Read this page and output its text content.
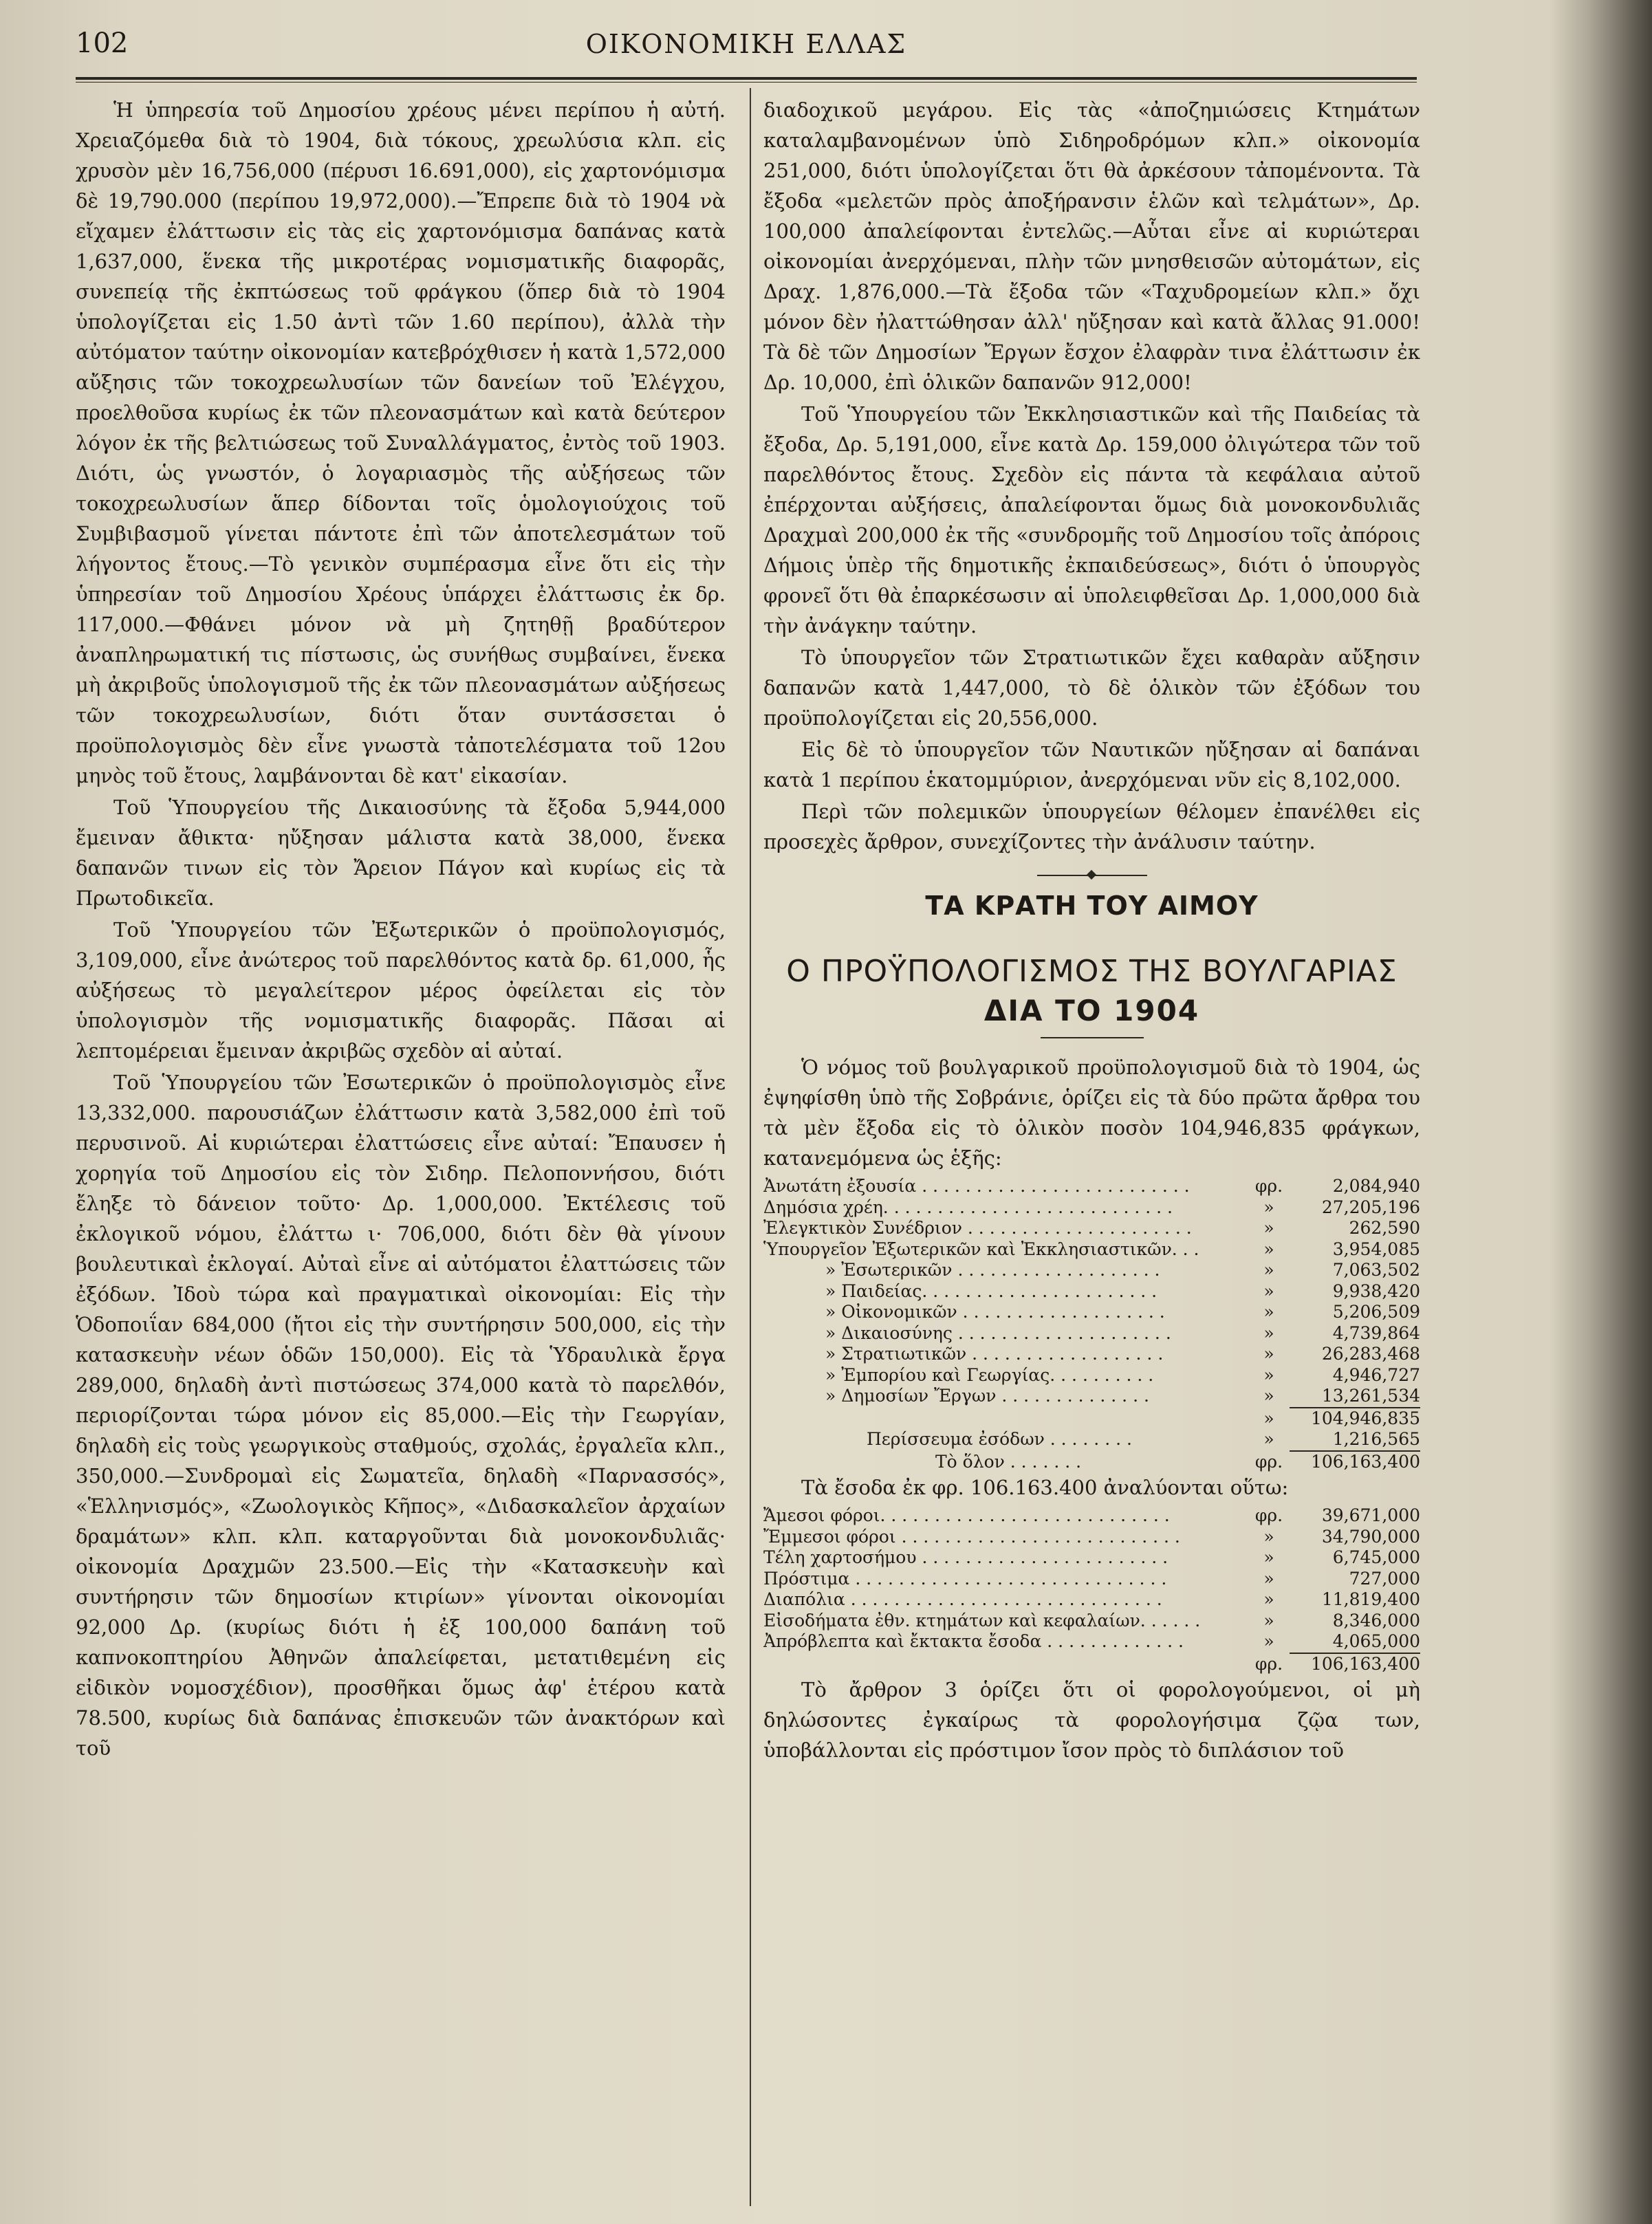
102	ΟΙΚΟΝΟΜΙΚΗ ΕΛΛΑΣ

Ἡ ὑπηρεσία τοῦ Δημοσίου χρέους μένει περίπου ἡ αὐτή. Χρειαζόμεθα διὰ τὸ 1904, διὰ τόκους, χρεωλύσια κλπ. εἰς χρυσὸν μὲν 16,756,000 (πέρυσι 16.691,000), εἰς χαρτονόμισμα δὲ 19,790.000 (περίπου 19,972,000).—Ἔπρεπε διὰ τὸ 1904 νὰ εἴχαμεν ἐλάττωσιν εἰς τὰς εἰς χαρτονόμισμα δαπάνας κατὰ 1,637,000, ἕνεκα τῆς μικροτέρας νομισματικῆς διαφορᾶς, συνεπείᾳ τῆς ἐκπτώσεως τοῦ φράγκου (ὅπερ διὰ τὸ 1904 ὑπολογίζεται εἰς 1.50 ἀντὶ τῶν 1.60 περίπου), ἀλλὰ τὴν αὐτόματον ταύτην οἰκονομίαν κατεβρόχθισεν ἡ κατὰ 1,572,000 αὔξησις τῶν τοκοχρεωλυσίων τῶν δανείων τοῦ Ἐλέγχου, προελθοῦσα κυρίως ἐκ τῶν πλεονασμάτων καὶ κατὰ δεύτερον λόγον ἐκ τῆς βελτιώσεως τοῦ Συναλλάγματος, ἐντὸς τοῦ 1903. Διότι, ὡς γνωστόν, ὁ λογαριασμὸς τῆς αὐξήσεως τῶν τοκοχρεωλυσίων ἅπερ δίδονται τοῖς ὁμολογιούχοις τοῦ Συμβιβασμοῦ γίνεται πάντοτε ἐπὶ τῶν ἀποτελεσμάτων τοῦ λήγοντος ἔτους.—Τὸ γενικὸν συμπέρασμα εἶνε ὅτι εἰς τὴν ὑπηρεσίαν τοῦ Δημοσίου Χρέους ὑπάρχει ἐλάττωσις ἐκ δρ. 117,000.—Φθάνει μόνον νὰ μὴ ζητηθῇ βραδύτερον ἀναπληρωματική τις πίστωσις, ὡς συνήθως συμβαίνει, ἕνεκα μὴ ἀκριβοῦς ὑπολογισμοῦ τῆς ἐκ τῶν πλεονασμάτων αὐξήσεως τῶν τοκοχρεωλυσίων, διότι ὅταν συντάσσεται ὁ προϋπολογισμὸς δὲν εἶνε γνωστὰ τἀποτελέσματα τοῦ 12ου μηνὸς τοῦ ἔτους, λαμβάνονται δὲ κατ' εἰκασίαν.

Τοῦ Ὑπουργείου τῆς Δικαιοσύνης τὰ ἔξοδα 5,944,000 ἔμειναν ἄθικτα· ηὔξησαν μάλιστα κατὰ 38,000, ἕνεκα δαπανῶν τινων εἰς τὸν Ἄρειον Πάγον καὶ κυρίως εἰς τὰ Πρωτοδικεῖα.

Τοῦ Ὑπουργείου τῶν Ἐξωτερικῶν ὁ προϋπολογισμός, 3,109,000, εἶνε ἀνώτερος τοῦ παρελθόντος κατὰ δρ. 61,000, ἧς αὐξήσεως τὸ μεγαλείτερον μέρος ὀφείλεται εἰς τὸν ὑπολογισμὸν τῆς νομισματικῆς διαφορᾶς. Πᾶσαι αἱ λεπτομέρειαι ἔμειναν ἀκριβῶς σχεδὸν αἱ αὐταί.

Τοῦ Ὑπουργείου τῶν Ἐσωτερικῶν ὁ προϋπολογισμὸς εἶνε 13,332,000. παρουσιάζων ἐλάττωσιν κατὰ 3,582,000 ἐπὶ τοῦ περυσινοῦ. Αἱ κυριώτεραι ἐλαττώσεις εἶνε αὐταί: Ἔπαυσεν ἡ χορηγία τοῦ Δημοσίου εἰς τὸν Σιδηρ. Πελοποννήσου, διότι ἔληξε τὸ δάνειον τοῦτο· Δρ. 1,000,000. Ἐκτέλεσις τοῦ ἐκλογικοῦ νόμου, ἐλάττω ι· 706,000, διότι δὲν θὰ γίνουν βουλευτικαὶ ἐκλογαί. Αὐταὶ εἶνε αἱ αὐτόματοι ἐλαττώσεις τῶν ἐξόδων. Ἰδοὺ τώρα καὶ πραγματικαὶ οἰκονομίαι: Εἰς τὴν Ὁδοποιΐαν 684,000 (ἤτοι εἰς τὴν συντήρησιν 500,000, εἰς τὴν κατασκευὴν νέων ὁδῶν 150,000). Εἰς τὰ Ὑδραυλικὰ ἔργα 289,000, δηλαδὴ ἀντὶ πιστώσεως 374,000 κατὰ τὸ παρελθόν, περιορίζονται τώρα μόνον εἰς 85,000.—Εἰς τὴν Γεωργίαν, δηλαδὴ εἰς τοὺς γεωργικοὺς σταθμούς, σχολάς, ἐργαλεῖα κλπ., 350,000.—Συνδρομαὶ εἰς Σωματεῖα, δηλαδὴ «Παρνασσός», «Ἑλληνισμός», «Ζωολογικὸς Κῆπος», «Διδασκαλεῖον ἀρχαίων δραμάτων» κλπ. κλπ. καταργοῦνται διὰ μονοκονδυλιᾶς· οἰκονομία Δραχμῶν 23.500.—Εἰς τὴν «Κατασκευὴν καὶ συντήρησιν τῶν δημοσίων κτιρίων» γίνονται οἰκονομίαι 92,000 Δρ. (κυρίως διότι ἡ ἐξ 100,000 δαπάνη τοῦ καπνοκοπτηρίου Ἀθηνῶν ἀπαλείφεται, μετατιθεμένη εἰς εἰδικὸν νομοσχέδιον), προσθῆκαι ὅμως ἀφ' ἑτέρου κατὰ 78.500, κυρίως διὰ δαπάνας ἐπισκευῶν τῶν ἀνακτόρων καὶ τοῦ

διαδοχικοῦ μεγάρου. Εἰς τὰς «ἀποζημιώσεις Κτημάτων καταλαμβανομένων ὑπὸ Σιδηροδρόμων κλπ.» οἰκονομία 251,000, διότι ὑπολογίζεται ὅτι θὰ ἀρκέσουν τἀπομένοντα. Τὰ ἔξοδα «μελετῶν πρὸς ἀποξήρανσιν ἑλῶν καὶ τελμάτων», Δρ. 100,000 ἀπαλείφονται ἐντελῶς.—Αὗται εἶνε αἱ κυριώτεραι οἰκονομίαι ἀνερχόμεναι, πλὴν τῶν μνησθεισῶν αὐτομάτων, εἰς Δραχ. 1,876,000.—Τὰ ἔξοδα τῶν «Ταχυδρομείων κλπ.» ὄχι μόνον δὲν ἠλαττώθησαν ἀλλ' ηὔξησαν καὶ κατὰ ἄλλας 91.000! Τὰ δὲ τῶν Δημοσίων Ἔργων ἔσχον ἐλαφρὰν τινα ἐλάττωσιν ἐκ Δρ. 10,000, ἐπὶ ὁλικῶν δαπανῶν 912,000!

Τοῦ Ὑπουργείου τῶν Ἐκκλησιαστικῶν καὶ τῆς Παιδείας τὰ ἔξοδα, Δρ. 5,191,000, εἶνε κατὰ Δρ. 159,000 ὀλιγώτερα τῶν τοῦ παρελθόντος ἔτους. Σχεδὸν εἰς πάντα τὰ κεφάλαια αὐτοῦ ἐπέρχονται αὐξήσεις, ἀπαλείφονται ὅμως διὰ μονοκονδυλιᾶς Δραχμαὶ 200,000 ἐκ τῆς «συνδρομῆς τοῦ Δημοσίου τοῖς ἀπόροις Δήμοις ὑπὲρ τῆς δημοτικῆς ἐκπαιδεύσεως», διότι ὁ ὑπουργὸς φρονεῖ ὅτι θὰ ἐπαρκέσωσιν αἱ ὑπολειφθεῖσαι Δρ. 1,000,000 διὰ τὴν ἀνάγκην ταύτην.

Τὸ ὑπουργεῖον τῶν Στρατιωτικῶν ἔχει καθαρὰν αὔξησιν δαπανῶν κατὰ 1,447,000, τὸ δὲ ὁλικὸν τῶν ἐξόδων του προϋπολογίζεται εἰς 20,556,000.

Εἰς δὲ τὸ ὑπουργεῖον τῶν Ναυτικῶν ηὔξησαν αἱ δαπάναι κατὰ 1 περίπου ἑκατομμύριον, ἀνερχόμεναι νῦν εἰς 8,102,000.

Περὶ τῶν πολεμικῶν ὑπουργείων θέλομεν ἐπανέλθει εἰς προσεχὲς ἄρθρον, συνεχίζοντες τὴν ἀνάλυσιν ταύτην.

ΤΑ ΚΡΑΤΗ ΤΟΥ ΑΙΜΟΥ
Ο ΠΡΟΫΠΟΛΟΓΙΣΜΟΣ ΤΗΣ ΒΟΥΛΓΑΡΙΑΣ
ΔΙΑ ΤΟ 1904

Ὁ νόμος τοῦ βουλγαρικοῦ προϋπολογισμοῦ διὰ τὸ 1904, ὡς ἐψηφίσθη ὑπὸ τῆς Σοβράνιε, ὁρίζει εἰς τὰ δύο πρῶτα ἄρθρα του τὰ μὲν ἔξοδα εἰς τὸ ὁλικὸν ποσὸν 104,946,835 φράγκων, κατανεμόμενα ὡς ἑξῆς:

Ἀνωτάτη ἐξουσία . . . . . . . . . . . . . . . . . . . . . . . . .	φρ.	2,084,940
Δημόσια χρέη. . . . . . . . . . . . . . . . . . . . . . . . . . .	»	27,205,196
Ἐλεγκτικὸν Συνέδριον . . . . . . . . . . . . . . . . . . . . .	»	262,590
Ὑπουργεῖον Ἐξωτερικῶν καὶ Ἐκκλησιαστικῶν. . .	»	3,954,085
» Ἐσωτερικῶν . . . . . . . . . . . . . . . . . . .	»	7,063,502
» Παιδείας. . . . . . . . . . . . . . . . . . . . . .	»	9,938,420
» Οἰκονομικῶν . . . . . . . . . . . . . . . . . . .	»	5,206,509
» Δικαιοσύνης . . . . . . . . . . . . . . . . . . . .	»	4,739,864
» Στρατιωτικῶν . . . . . . . . . . . . . . . . . .	»	26,283,468
» Ἐμπορίου καὶ Γεωργίας. . . . . . . . . .	»	4,946,727
» Δημοσίων Ἔργων . . . . . . . . . . . . . .	»	13,261,534
»	104,946,835
Περίσσευμα ἐσόδων . . . . . . . .	»	1,216,565
Τὸ ὅλον . . . . . . .	φρ.	106,163,400

Τὰ ἔσοδα ἐκ φρ. 106.163.400 ἀναλύονται οὕτω:

Ἄμεσοι φόροι. . . . . . . . . . . . . . . . . . . . . . . . . . .	φρ.	39,671,000
Ἔμμεσοι φόροι . . . . . . . . . . . . . . . . . . . . . . . . . .	»	34,790,000
Τέλη χαρτοσήμου . . . . . . . . . . . . . . . . . . . . . . .	»	6,745,000
Πρόστιμα . . . . . . . . . . . . . . . . . . . . . . . . . . . . .	»	727,000
Διαπόλια . . . . . . . . . . . . . . . . . . . . . . . . . . . . .	»	11,819,400
Εἰσοδήματα ἐθν. κτημάτων καὶ κεφαλαίων. . . . . .	»	8,346,000
Ἀπρόβλεπτα καὶ ἔκτακτα ἔσοδα . . . . . . . . . . . . .	»	4,065,000
φρ.	106,163,400

Τὸ ἄρθρον 3 ὁρίζει ὅτι οἱ φορολογούμενοι, οἱ μὴ δηλώσοντες ἐγκαίρως τὰ φορολογήσιμα ζῷα των, ὑποβάλλονται εἰς πρόστιμον ἴσον πρὸς τὸ διπλάσιον τοῦ
